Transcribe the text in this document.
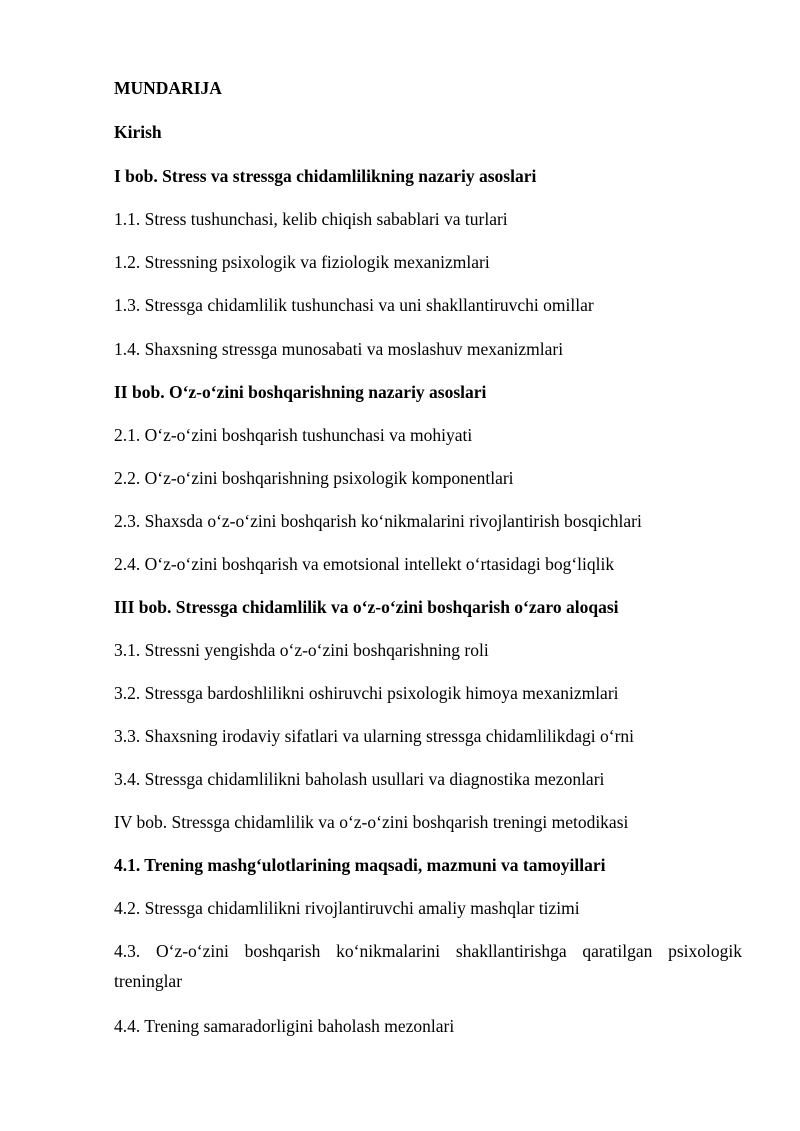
MUNDARIJA
Kirish
I bob. Stress va stressga chidamlilikning nazariy asoslari
1.1. Stress tushunchasi, kelib chiqish sabablari va turlari
1.2. Stressning psixologik va fiziologik mexanizmlari
1.3. Stressga chidamlilik tushunchasi va uni shakllantiruvchi omillar
1.4. Shaxsning stressga munosabati va moslashuv mexanizmlari
II bob. O‘z-o‘zini boshqarishning nazariy asoslari
2.1. O‘z-o‘zini boshqarish tushunchasi va mohiyati
2.2. O‘z-o‘zini boshqarishning psixologik komponentlari
2.3. Shaxsda o‘z-o‘zini boshqarish ko‘nikmalarini rivojlantirish bosqichlari
2.4. O‘z-o‘zini boshqarish va emotsional intellekt o‘rtasidagi bog‘liqlik
III bob. Stressga chidamlilik va o‘z-o‘zini boshqarish o‘zaro aloqasi
3.1. Stressni yengishda o‘z-o‘zini boshqarishning roli
3.2. Stressga bardoshlilikni oshiruvchi psixologik himoya mexanizmlari
3.3. Shaxsning irodaviy sifatlari va ularning stressga chidamlilikdagi o‘rni
3.4. Stressga chidamlilikni baholash usullari va diagnostika mezonlari
IV bob. Stressga chidamlilik va o‘z-o‘zini boshqarish treningi metodikasi
4.1. Trening mashg‘ulotlarining maqsadi, mazmuni va tamoyillari
4.2. Stressga chidamlilikni rivojlantiruvchi amaliy mashqlar tizimi
4.3. O‘z-o‘zini boshqarish ko‘nikmalarini shakllantirishga qaratilgan psixologik treninglar
4.4. Trening samaradorligini baholash mezonlari
